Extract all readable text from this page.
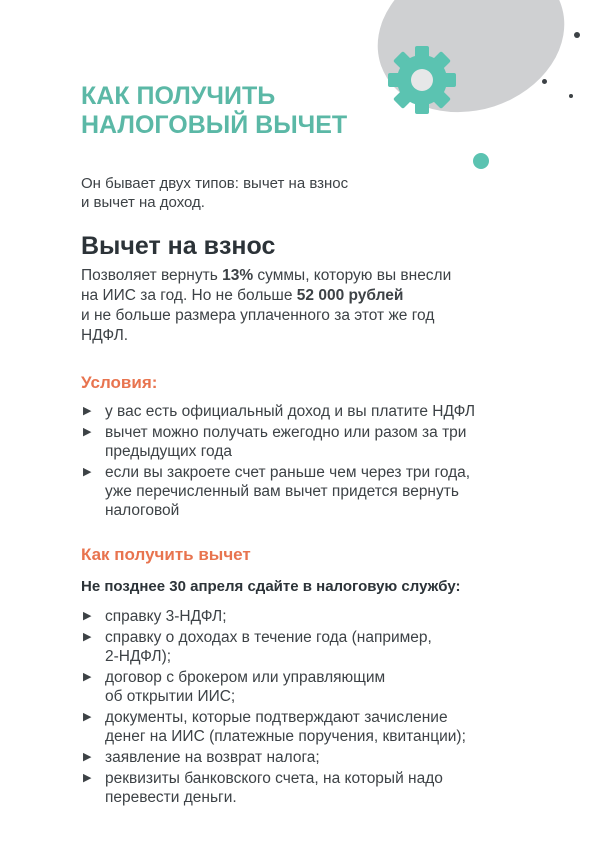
КАК ПОЛУЧИТЬ
НАЛОГОВЫЙ ВЫЧЕТ
Он бывает двух типов: вычет на взнос
и вычет на доход.
Вычет на взнос
Позволяет вернуть 13% суммы, которую вы внесли
на ИИС за год. Но не больше 52 000 рублей
и не больше размера уплаченного за этот же год
НДФЛ.
Условия:
▶ у вас есть официальный доход и вы платите НДФЛ
▶ вычет можно получать ежегодно или разом за три
предыдущих года
▶ если вы закроете счет раньше чем через три года,
уже перечисленный вам вычет придется вернуть
налоговой
Как получить вычет
Не позднее 30 апреля сдайте в налоговую службу:
▶ справку 3-НДФЛ;
▶ справку о доходах в течение года (например,
2-НДФЛ);
▶ договор с брокером или управляющим
об открытии ИИС;
▶ документы, которые подтверждают зачисление
денег на ИИС (платежные поручения, квитанции);
▶ заявление на возврат налога;
▶ реквизиты банковского счета, на который надо
перевести деньги.
